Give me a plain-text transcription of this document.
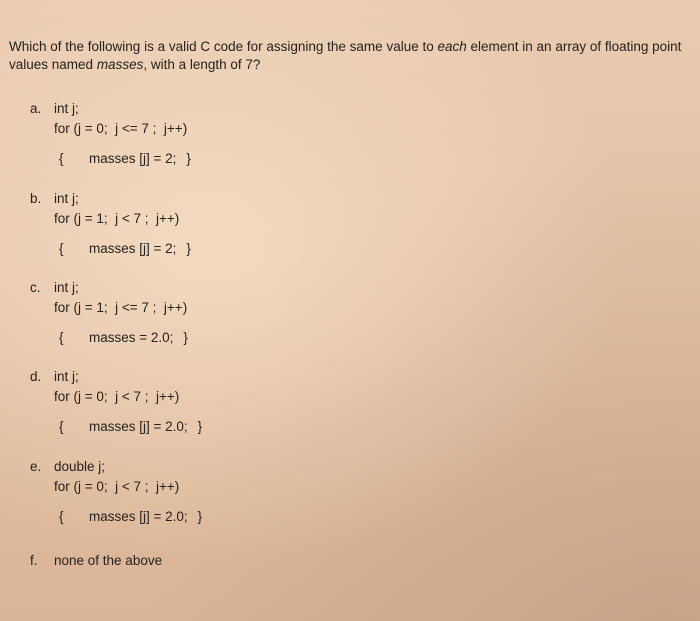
Which of the following is a valid C code for assigning the same value to each element in an array of floating point values named masses, with a length of 7?

a. int j;
for (j = 0;  j <= 7 ;  j++)
{ masses [j] = 2; }
b. int j;
for (j = 1;  j < 7 ;  j++)
{ masses [j] = 2; }
c. int j;
for (j = 1;  j <= 7 ;  j++)
{ masses = 2.0; }
d. int j;
for (j = 0;  j < 7 ;  j++)
{ masses [j] = 2.0; }
e. double j;
for (j = 0;  j < 7 ;  j++)
{ masses [j] = 2.0; }
f.	none of the above
